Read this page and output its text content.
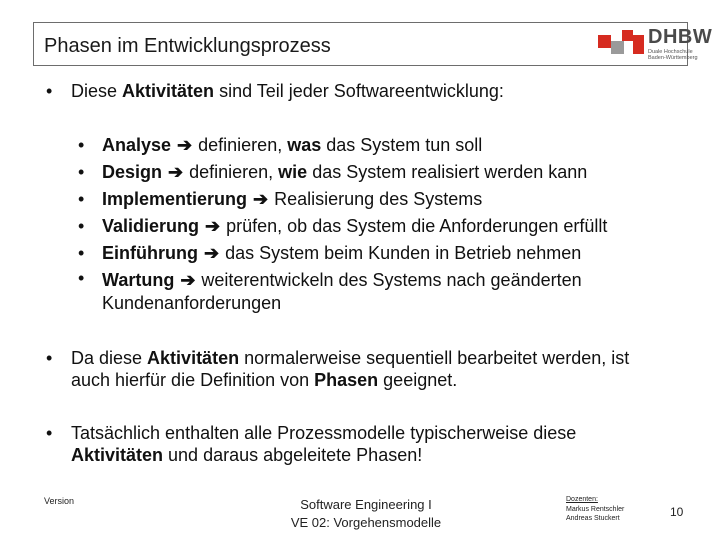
Phasen im Entwicklungsprozess	DHBW
Duale Hochschule
Baden-Württemberg
• Diese Aktivitäten sind Teil jeder Softwareentwicklung:
• Analyse ➔ definieren, was das System tun soll
• Design ➔ definieren, wie das System realisiert werden kann
• Implementierung ➔ Realisierung des Systems
• Validierung ➔ prüfen, ob das System die Anforderungen erfüllt
• Einführung ➔ das System beim Kunden in Betrieb nehmen
• Wartung ➔ weiterentwickeln des Systems nach geänderten Kundenanforderungen
• Da diese Aktivitäten normalerweise sequentiell bearbeitet werden, ist auch hierfür die Definition von Phasen geeignet.
• Tatsächlich enthalten alle Prozessmodelle typischerweise diese Aktivitäten und daraus abgeleitete Phasen!
Version	Software Engineering I
VE 02: Vorgehensmodelle
Dozenten:
Markus Rentschler
Andreas Stuckert	10
